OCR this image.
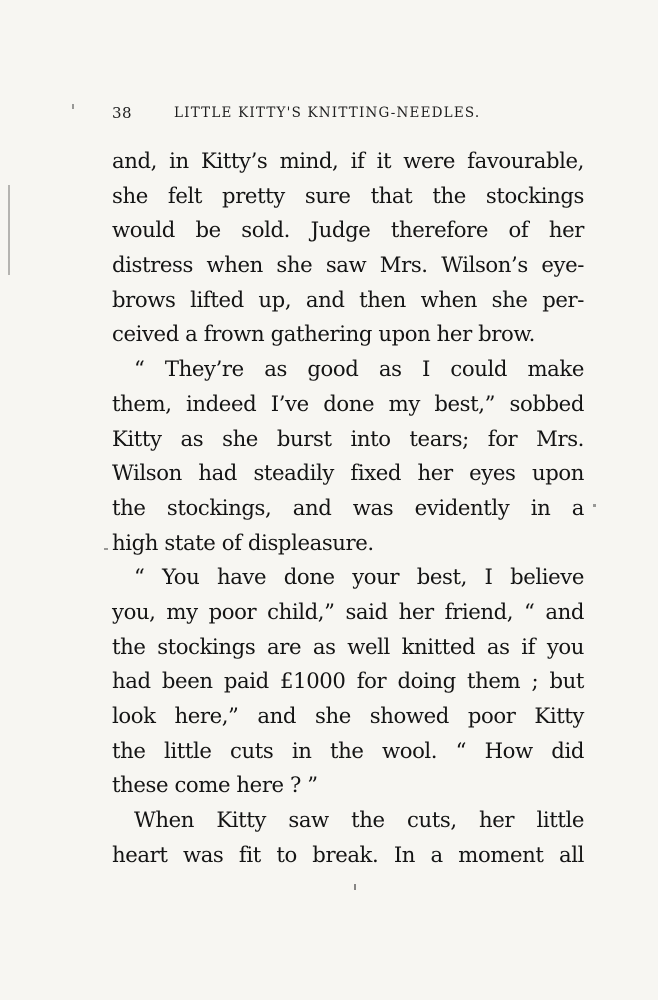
38	LITTLE KITTY'S KNITTING-NEEDLES.
and, in Kitty’s mind, if it were favourable,
she felt pretty sure that the stockings
would be sold. Judge therefore of her
distress when she saw Mrs. Wilson’s eye-
brows lifted up, and then when she per-
ceived a frown gathering upon her brow.
“ They’re as good as I could make
them, indeed I’ve done my best,” sobbed
Kitty as she burst into tears; for Mrs.
Wilson had steadily fixed her eyes upon
the stockings, and was evidently in a
high state of displeasure.
“ You have done your best, I believe
you, my poor child,” said her friend, “ and
the stockings are as well knitted as if you
had been paid £1000 for doing them ; but
look here,” and she showed poor Kitty
the little cuts in the wool. “ How did
these come here ? ”
When Kitty saw the cuts, her little
heart was fit to break. In a moment all
